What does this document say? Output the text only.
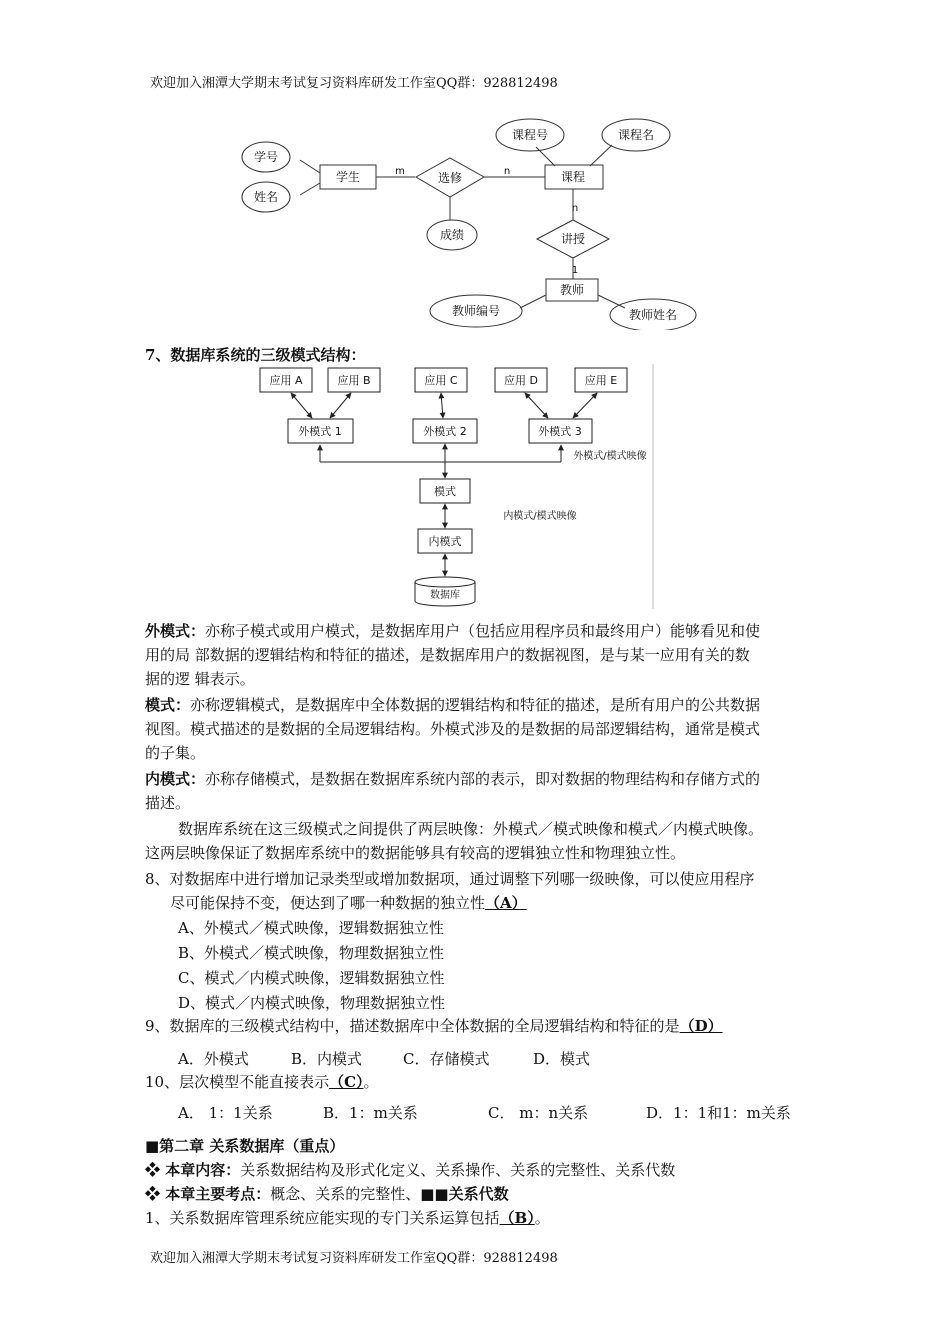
欢迎加入湘潭大学期末考试复习资料库研发工作室QQ群：928812498
学号
姓名
学生	m	选修	n
课程号	课程名
课程
成绩
n
讲授
1
教师
教师编号	教师姓名
7、数据库系统的三级模式结构：
应用 A	应用 B	应用 C	应用 D	应用 E
外模式 1	外模式 2	外模式 3
外模式/模式映像
模式
内模式/模式映像
内模式
数据库
外模式：亦称子模式或用户模式，是数据库用户（包括应用程序员和最终用户）能够看见和使
用的局 部数据的逻辑结构和特征的描述，是数据库用户的数据视图，是与某一应用有关的数
据的逻 辑表示。
模式：亦称逻辑模式，是数据库中全体数据的逻辑结构和特征的描述，是所有用户的公共数据
视图。模式描述的是数据的全局逻辑结构。外模式涉及的是数据的局部逻辑结构，通常是模式
的子集。
内模式：亦称存储模式，是数据在数据库系统内部的表示，即对数据的物理结构和存储方式的
描述。
数据库系统在这三级模式之间提供了两层映像：外模式／模式映像和模式／内模式映像。
这两层映像保证了数据库系统中的数据能够具有较高的逻辑独立性和物理独立性。
8、对数据库中进行增加记录类型或增加数据项，通过调整下列哪一级映像，可以使应用程序
尽可能保持不变，便达到了哪一种数据的独立性（A）
A、外模式／模式映像，逻辑数据独立性
B、外模式／模式映像，物理数据独立性
C、模式／内模式映像，逻辑数据独立性
D、模式／内模式映像，物理数据独立性
9、数据库的三级模式结构中，描述数据库中全体数据的全局逻辑结构和特征的是（D）
A．外模式	B．内模式	C．存储模式	D．模式
10、层次模型不能直接表示（C）。
A． 1：1关系	B．1：m关系	C． m：n关系	D．1：1和1：m关系
■第二章 关系数据库（重点）
❖ 本章内容：关系数据结构及形式化定义、关系操作、关系的完整性、关系代数
❖ 本章主要考点：概念、关系的完整性、■■关系代数
1、关系数据库管理系统应能实现的专门关系运算包括（B）。
欢迎加入湘潭大学期末考试复习资料库研发工作室QQ群：928812498
